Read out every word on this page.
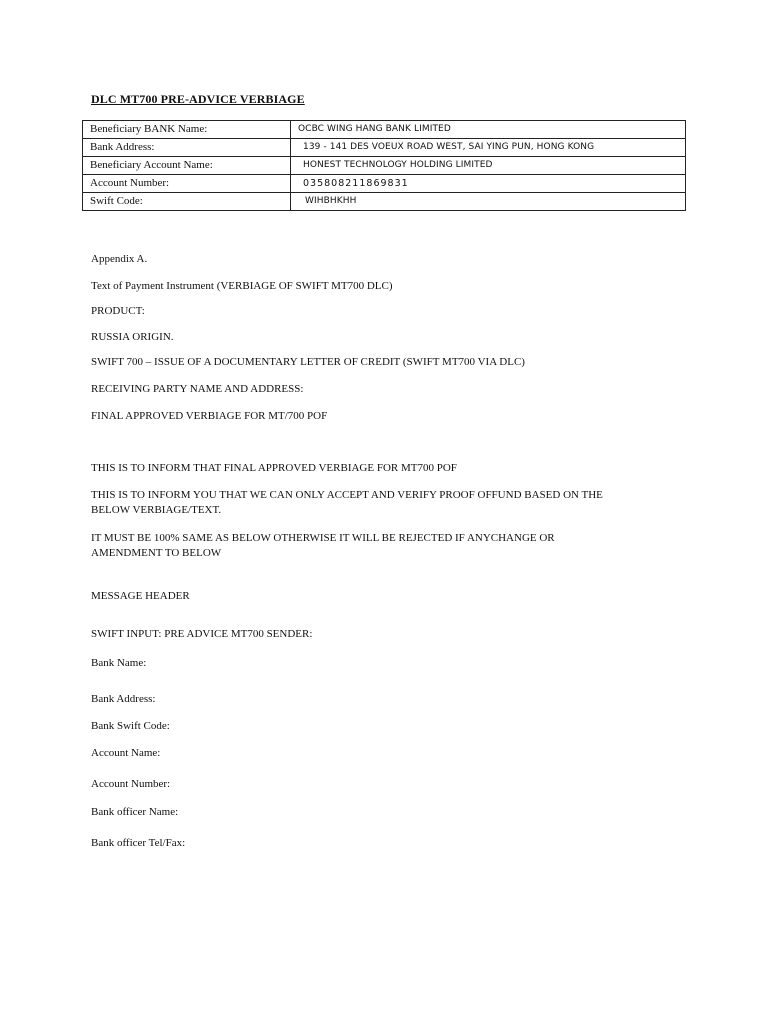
DLC MT700 PRE-ADVICE VERBIAGE
Beneficiary BANK Name:	OCBC WING HANG BANK LIMITED
Bank Address:	139 - 141 DES VOEUX ROAD WEST, SAI YING PUN, HONG KONG
Beneficiary Account Name:	HONEST TECHNOLOGY HOLDING LIMITED
Account Number:	035808211869831
Swift Code:	WIHBHKHH
Appendix A.
Text of Payment Instrument (VERBIAGE OF SWIFT MT700 DLC)
PRODUCT:
RUSSIA ORIGIN.
SWIFT 700 – ISSUE OF A DOCUMENTARY LETTER OF CREDIT (SWIFT MT700 VIA DLC)
RECEIVING PARTY NAME AND ADDRESS:
FINAL APPROVED VERBIAGE FOR MT/700 POF
THIS IS TO INFORM THAT FINAL APPROVED VERBIAGE FOR MT700 POF
THIS IS TO INFORM YOU THAT WE CAN ONLY ACCEPT AND VERIFY PROOF OFFUND BASED ON THE BELOW VERBIAGE/TEXT.
IT MUST BE 100% SAME AS BELOW OTHERWISE IT WILL BE REJECTED IF ANYCHANGE OR AMENDMENT TO BELOW
MESSAGE HEADER
SWIFT INPUT: PRE ADVICE MT700 SENDER:
Bank Name:
Bank Address:
Bank Swift Code:
Account Name:
Account Number:
Bank officer Name:
Bank officer Tel/Fax:
